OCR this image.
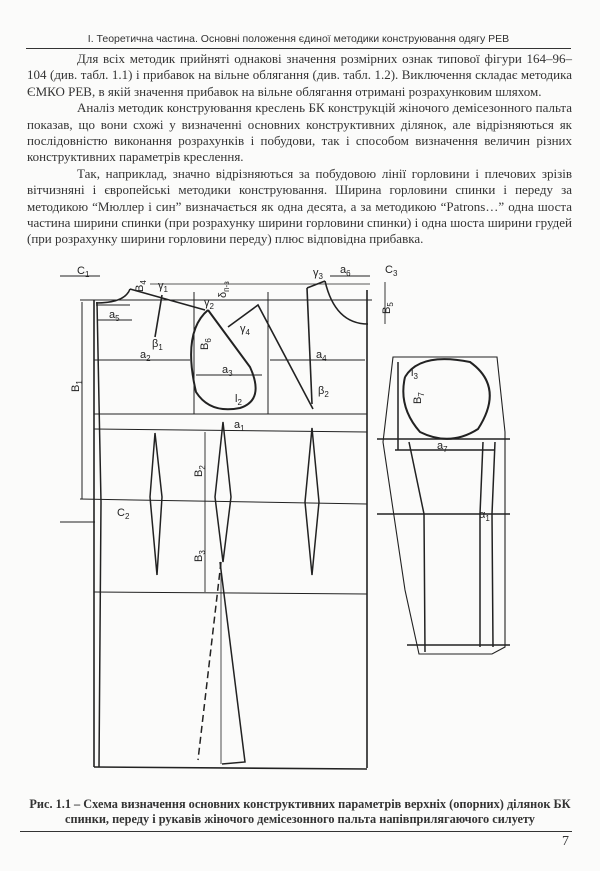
I. Теоретична частина. Основні положення єдиної методики конструювання одягу РЕВ

Для всіх методик прийняті однакові значення розмірних ознак типової фігури 164–96–104 (див. табл. 1.1) і прибавок на вільне облягання (див. табл. 1.2). Виключення складає методика ЄМКО РЕВ, в якій значення прибавок на вільне облягання отримані розрахунковим шляхом.

Аналіз методик конструювання креслень БК конструкцій жіночого демісезонного пальта показав, що вони схожі у визначенні основних конструктивних ділянок, але відрізняються як послідовністю виконання розрахунків і побудови, так і способом визначення величин різних конструктивних параметрів креслення.

Так, наприклад, значно відрізняються за побудовою лінії горловини і плечових зрізів вітчизняні і європейські методики конструювання. Ширина горловини спинки і переду за методикою “Мюллер і син” визначається як одна десята, а за методикою “Patrons…” одна шоста частина ширини спинки (при розрахунку ширини горловини спинки) і одна шоста ширини грудей (при розрахунку ширини горловини переду) плюс відповідна прибавка.

$C_1$
$B_4$ $\gamma_1$
$\gamma_2$
$\delta_{п-з}$
$\gamma_3$
$a_6$	$C_3$
$a_5$
$\beta_1$
$\gamma_4$
$B_6$
$B_5$
$a_2$
$a_3$
$a_4$
$B_1$
$l_2$
$\beta_2$
$a_1$
$B_2$
$C_2$
$B_3$
$l_3$
$B_7$
$a_7$
$\alpha_1$
Рис. 1.1 – Схема визначення основних конструктивних параметрів верхніх (опорних) ділянок БК
спинки, переду і рукавів жіночого демісезонного пальта напівприлягаючого силуету
7
